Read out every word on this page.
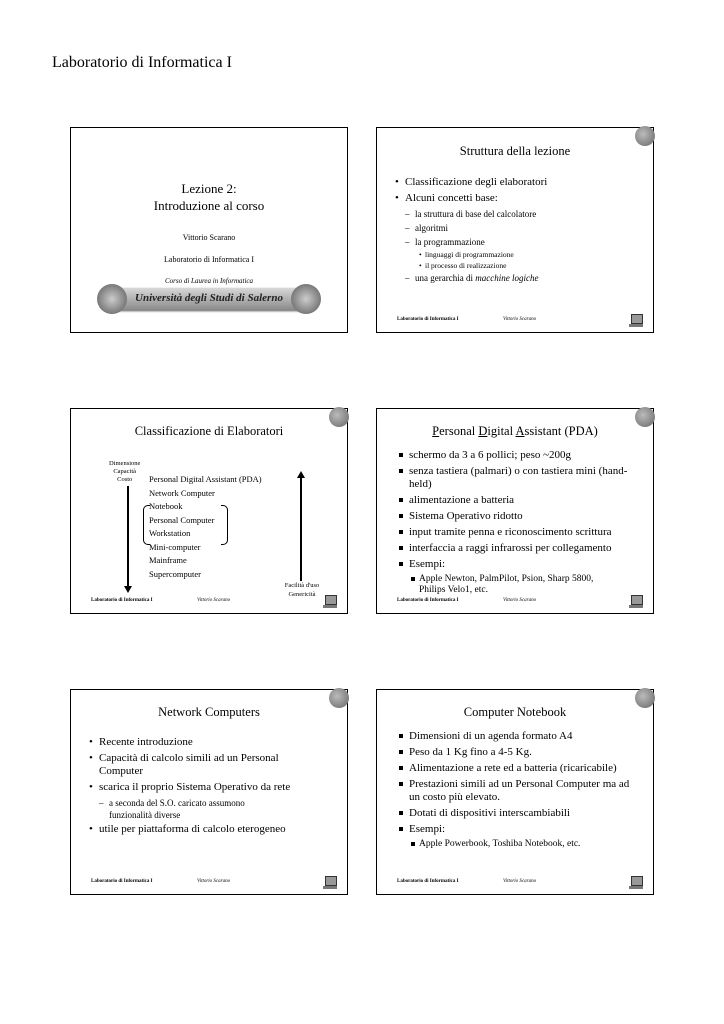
Laboratorio di Informatica I
Lezione 2:
Introduzione al corso
Vittorio Scarano
Laboratorio di Informatica I
Corso di Laurea in Informatica
Università degli Studi di Salerno
Struttura della lezione
• Classificazione degli elaboratori
• Alcuni concetti base:
– la struttura di base del calcolatore
– algoritmi
– la programmazione
• linguaggi di programmazione
• il processo di realizzazione
– una gerarchia di macchine logiche
Laboratorio di Informatica I	Vittorio Scarano
Classificazione di Elaboratori
Dimensione
Capacità
Costo	Personal Digital Assistant (PDA)
Network Computer
Notebook
Personal Computer
Workstation
Mini-computer
Mainframe
Supercomputer
Facilità d'uso
Genericità
Laboratorio di Informatica I	Vittorio Scarano
Personal Digital Assistant (PDA)
schermo da 3 a 6 pollici; peso ~200g
senza tastiera (palmari) o con tastiera mini (hand-held)
alimentazione a batteria
Sistema Operativo ridotto
input tramite penna e riconoscimento scrittura
interfaccia a raggi infrarossi per collegamento
Esempi:
Apple Newton, PalmPilot, Psion, Sharp 5800, Philips Velo1, etc.
Laboratorio di Informatica I	Vittorio Scarano
Network Computers
• Recente introduzione
• Capacità di calcolo simili ad un Personal Computer
• scarica il proprio Sistema Operativo da rete
– a seconda del S.O. caricato assumono funzionalità diverse
• utile per piattaforma di calcolo eterogeneo
Laboratorio di Informatica I	Vittorio Scarano
Computer Notebook
Dimensioni di un agenda formato A4
Peso da 1 Kg fino a 4-5 Kg.
Alimentazione a rete ed a batteria (ricaricabile)
Prestazioni simili ad un Personal Computer ma ad un costo più elevato.
Dotati di dispositivi interscambiabili
Esempi:
Apple Powerbook, Toshiba Notebook, etc.
Laboratorio di Informatica I	Vittorio Scarano
